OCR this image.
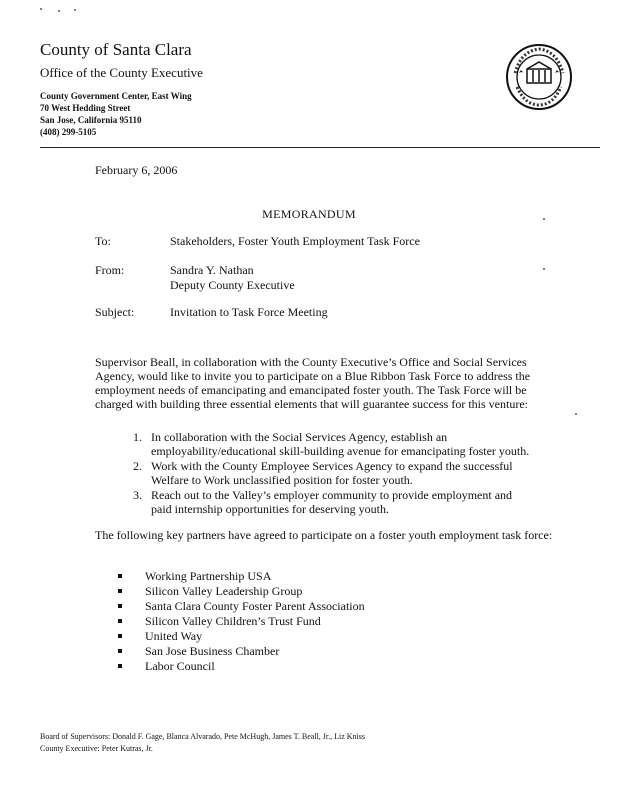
County of Santa Clara
Office of the County Executive
County Government Center, East Wing
70 West Hedding Street
San Jose, California 95110
(408) 299-5105
February 6, 2006
MEMORANDUM
To:	Stakeholders, Foster Youth Employment Task Force
From:	Sandra Y. Nathan
Deputy County Executive
Subject:	Invitation to Task Force Meeting
Supervisor Beall, in collaboration with the County Executive’s Office and Social Services Agency, would like to invite you to participate on a Blue Ribbon Task Force to address the employment needs of emancipating and emancipated foster youth. The Task Force will be charged with building three essential elements that will guarantee success for this venture:
1. In collaboration with the Social Services Agency, establish an employability/educational skill-building avenue for emancipating foster youth.
2. Work with the County Employee Services Agency to expand the successful Welfare to Work unclassified position for foster youth.
3. Reach out to the Valley’s employer community to provide employment and paid internship opportunities for deserving youth.
The following key partners have agreed to participate on a foster youth employment task force:
Working Partnership USA
Silicon Valley Leadership Group
Santa Clara County Foster Parent Association
Silicon Valley Children’s Trust Fund
United Way
San Jose Business Chamber
Labor Council
Board of Supervisors: Donald F. Gage, Blanca Alvarado, Pete McHugh, James T. Beall, Jr., Liz Kniss
County Executive: Peter Kutras, Jr.
